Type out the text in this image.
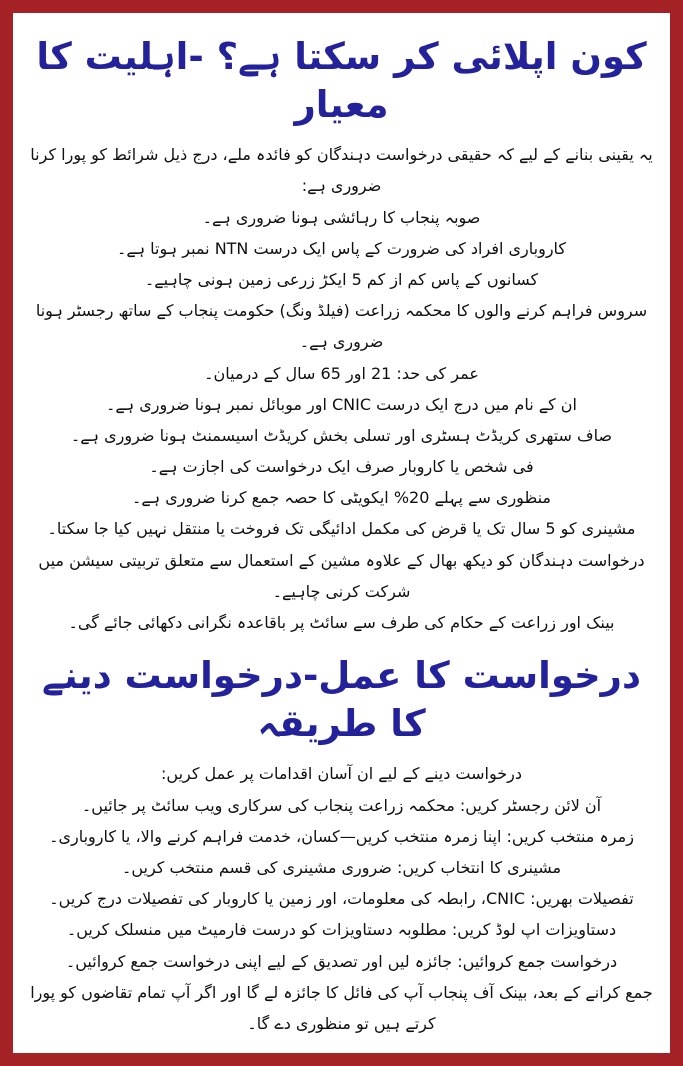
کون اپلائی کر سکتا ہے؟ -اہلیت کا معیار

یہ یقینی بنانے کے لیے کہ حقیقی درخواست دہندگان کو فائدہ ملے، درج ذیل شرائط کو پورا کرنا ضروری ہے:

صوبہ پنجاب کا رہائشی ہونا ضروری ہے۔
کاروباری افراد کی ضرورت کے پاس ایک درست NTN نمبر ہوتا ہے۔
کسانوں کے پاس کم از کم 5 ایکڑ زرعی زمین ہونی چاہیے۔
سروس فراہم کرنے والوں کا محکمہ زراعت (فیلڈ ونگ) حکومت پنجاب کے ساتھ رجسٹر ہونا ضروری ہے۔
عمر کی حد: 21 اور 65 سال کے درمیان۔
ان کے نام میں درج ایک درست CNIC اور موبائل نمبر ہونا ضروری ہے۔
صاف ستھری کریڈٹ ہسٹری اور تسلی بخش کریڈٹ اسیسمنٹ ہونا ضروری ہے۔
فی شخص یا کاروبار صرف ایک درخواست کی اجازت ہے۔
منظوری سے پہلے 20% ایکویٹی کا حصہ جمع کرنا ضروری ہے۔
مشینری کو 5 سال تک یا قرض کی مکمل ادائیگی تک فروخت یا منتقل نہیں کیا جا سکتا۔
درخواست دہندگان کو دیکھ بھال کے علاوہ مشین کے استعمال سے متعلق تربیتی سیشن میں شرکت کرنی چاہیے۔
بینک اور زراعت کے حکام کی طرف سے سائٹ پر باقاعدہ نگرانی دکھائی جائے گی۔
درخواست کا عمل-درخواست دینے کا طریقہ

درخواست دینے کے لیے ان آسان اقدامات پر عمل کریں:

آن لائن رجسٹر کریں: محکمہ زراعت پنجاب کی سرکاری ویب سائٹ پر جائیں۔
زمرہ منتخب کریں: اپنا زمرہ منتخب کریں—کسان، خدمت فراہم کرنے والا، یا کاروباری۔
مشینری کا انتخاب کریں: ضروری مشینری کی قسم منتخب کریں۔
تفصیلات بھریں: CNIC، رابطہ کی معلومات، اور زمین یا کاروبار کی تفصیلات درج کریں۔
دستاویزات اپ لوڈ کریں: مطلوبہ دستاویزات کو درست فارمیٹ میں منسلک کریں۔
درخواست جمع کروائیں: جائزہ لیں اور تصدیق کے لیے اپنی درخواست جمع کروائیں۔

جمع کرانے کے بعد، بینک آف پنجاب آپ کی فائل کا جائزہ لے گا اور اگر آپ تمام تقاضوں کو پورا کرتے ہیں تو منظوری دے گا۔
